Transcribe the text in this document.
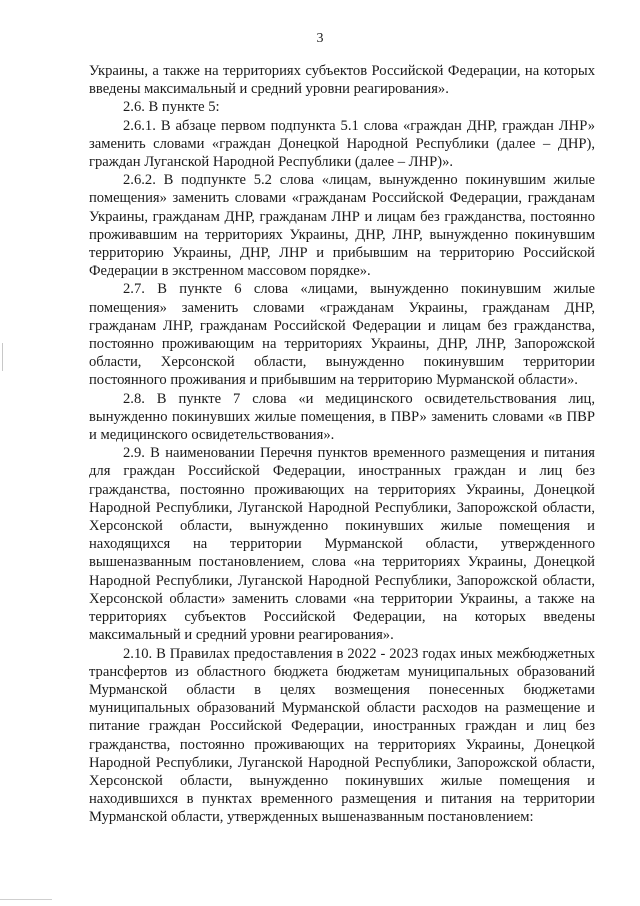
3

Украины, а также на территориях субъектов Российской Федерации, на которых введены максимальный и средний уровни реагирования».

2.6. В пункте 5:

2.6.1. В абзаце первом подпункта 5.1 слова «граждан ДНР, граждан ЛНР» заменить словами «граждан Донецкой Народной Республики (далее – ДНР), граждан Луганской Народной Республики (далее – ЛНР)».

2.6.2. В подпункте 5.2 слова «лицам, вынужденно покинувшим жилые помещения» заменить словами «гражданам Российской Федерации, гражданам Украины, гражданам ДНР, гражданам ЛНР и лицам без гражданства, постоянно проживавшим на территориях Украины, ДНР, ЛНР, вынужденно покинувшим территорию Украины, ДНР, ЛНР и прибывшим на территорию Российской Федерации в экстренном массовом порядке».

2.7. В пункте 6 слова «лицами, вынужденно покинувшим жилые помещения» заменить словами «гражданам Украины, гражданам ДНР, гражданам ЛНР, гражданам Российской Федерации и лицам без гражданства, постоянно проживающим на территориях Украины, ДНР, ЛНР, Запорожской области, Херсонской области, вынужденно покинувшим территории постоянного проживания и прибывшим на территорию Мурманской области».

2.8. В пункте 7 слова «и медицинского освидетельствования лиц, вынужденно покинувших жилые помещения, в ПВР» заменить словами «в ПВР и медицинского освидетельствования».

2.9. В наименовании Перечня пунктов временного размещения и питания для граждан Российской Федерации, иностранных граждан и лиц без гражданства, постоянно проживающих на территориях Украины, Донецкой Народной Республики, Луганской Народной Республики, Запорожской области, Херсонской области, вынужденно покинувших жилые помещения и находящихся на территории Мурманской области, утвержденного вышеназванным постановлением, слова «на территориях Украины, Донецкой Народной Республики, Луганской Народной Республики, Запорожской области, Херсонской области» заменить словами «на территории Украины, а также на территориях субъектов Российской Федерации, на которых введены максимальный и средний уровни реагирования».

2.10. В Правилах предоставления в 2022 - 2023 годах иных межбюджетных трансфертов из областного бюджета бюджетам муниципальных образований Мурманской области в целях возмещения понесенных бюджетами муниципальных образований Мурманской области расходов на размещение и питание граждан Российской Федерации, иностранных граждан и лиц без гражданства, постоянно проживающих на территориях Украины, Донецкой Народной Республики, Луганской Народной Республики, Запорожской области, Херсонской области, вынужденно покинувших жилые помещения и находившихся в пунктах временного размещения и питания на территории Мурманской области, утвержденных вышеназванным постановлением:
